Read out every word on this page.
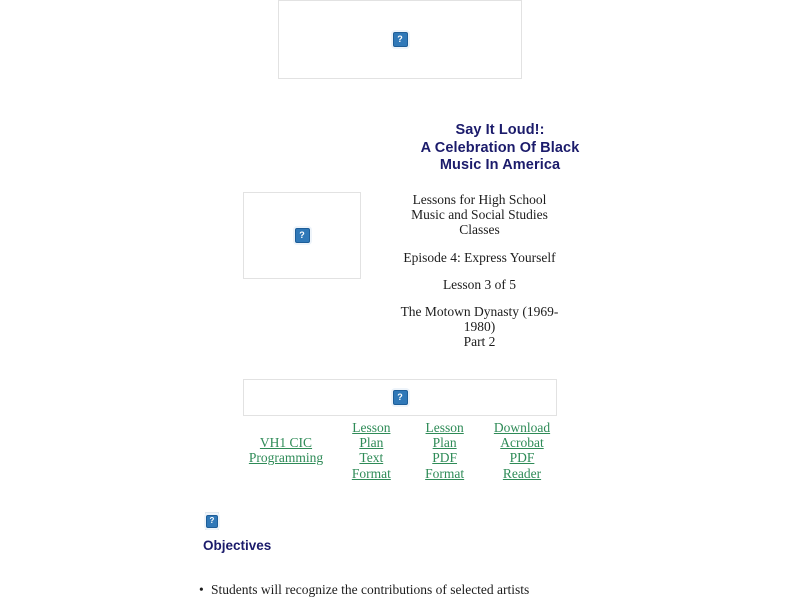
?
Say It Loud!:
A Celebration Of Black
Music In America
?

Lessons for High School

Music and Social Studies

Classes

Episode 4: Express Yourself

Lesson 3 of 5

The Motown Dynasty (1969-

1980)

Part 2

?
VH1 CIC
Programming
Lesson
Plan
Text
Format
Lesson
Plan
PDF
Format
Download
Acrobat
PDF
Reader
?
Objectives
• Students will recognize the contributions of selected artists
